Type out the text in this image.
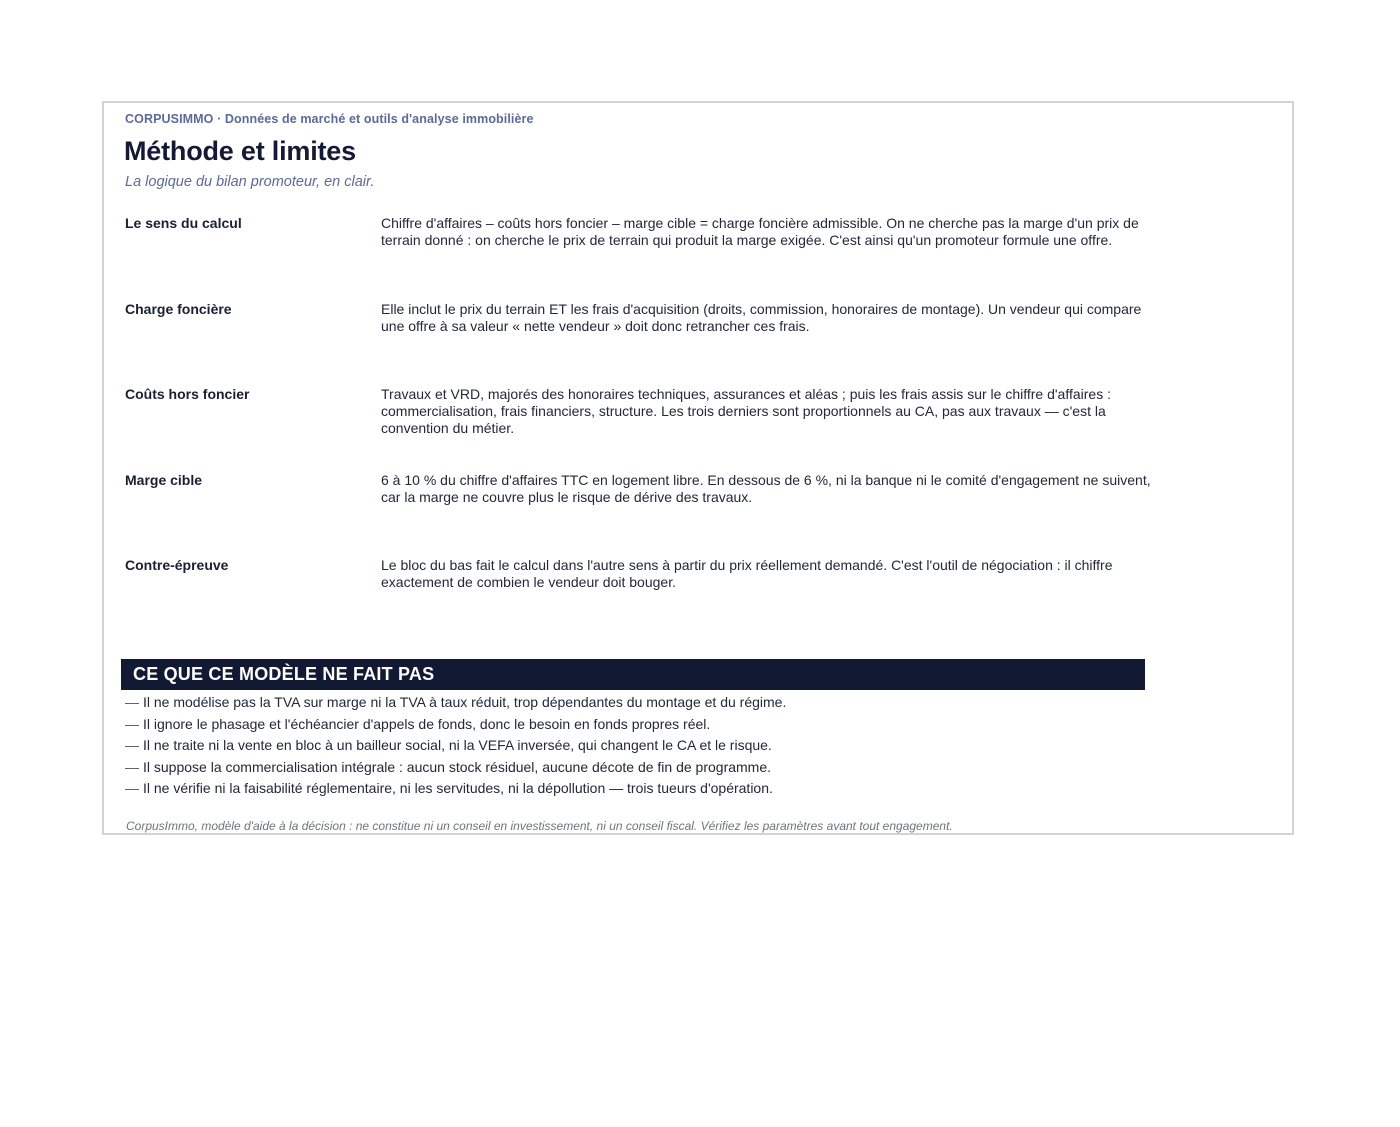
CORPUSIMMO · Données de marché et outils d'analyse immobilière
Méthode et limites
La logique du bilan promoteur, en clair.
Le sens du calcul	Chiffre d'affaires – coûts hors foncier – marge cible = charge foncière admissible. On ne cherche pas la marge d'un prix de terrain donné : on cherche le prix de terrain qui produit la marge exigée. C'est ainsi qu'un promoteur formule une offre.
Charge foncière	Elle inclut le prix du terrain ET les frais d'acquisition (droits, commission, honoraires de montage). Un vendeur qui compare une offre à sa valeur « nette vendeur » doit donc retrancher ces frais.
Coûts hors foncier	Travaux et VRD, majorés des honoraires techniques, assurances et aléas ; puis les frais assis sur le chiffre d'affaires : commercialisation, frais financiers, structure. Les trois derniers sont proportionnels au CA, pas aux travaux — c'est la convention du métier.
Marge cible	6 à 10 % du chiffre d'affaires TTC en logement libre. En dessous de 6 %, ni la banque ni le comité d'engagement ne suivent, car la marge ne couvre plus le risque de dérive des travaux.
Contre-épreuve	Le bloc du bas fait le calcul dans l'autre sens à partir du prix réellement demandé. C'est l'outil de négociation : il chiffre exactement de combien le vendeur doit bouger.
CE QUE CE MODÈLE NE FAIT PAS
— Il ne modélise pas la TVA sur marge ni la TVA à taux réduit, trop dépendantes du montage et du régime.
— Il ignore le phasage et l'échéancier d'appels de fonds, donc le besoin en fonds propres réel.
— Il ne traite ni la vente en bloc à un bailleur social, ni la VEFA inversée, qui changent le CA et le risque.
— Il suppose la commercialisation intégrale : aucun stock résiduel, aucune décote de fin de programme.
— Il ne vérifie ni la faisabilité réglementaire, ni les servitudes, ni la dépollution — trois tueurs d'opération.
CorpusImmo, modèle d'aide à la décision : ne constitue ni un conseil en investissement, ni un conseil fiscal. Vérifiez les paramètres avant tout engagement.
